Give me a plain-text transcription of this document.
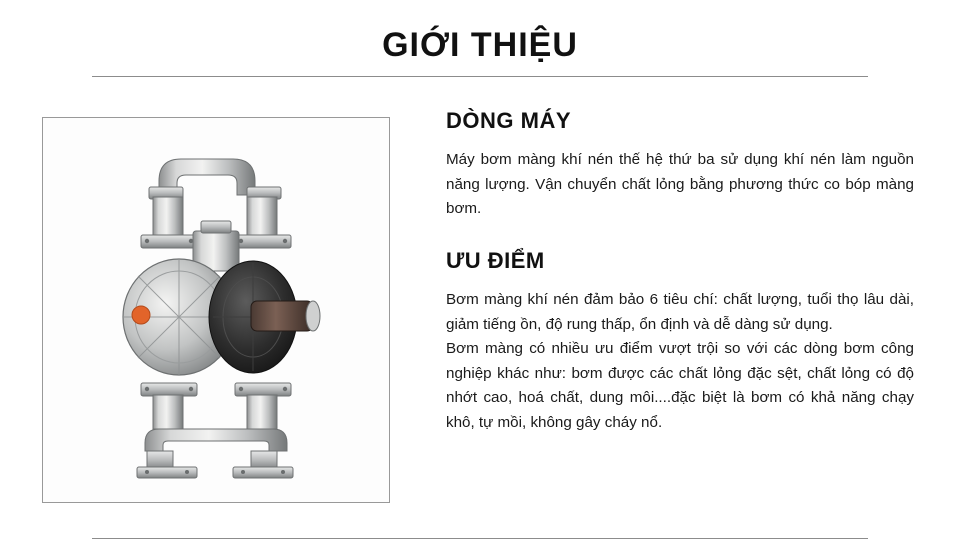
GIỚI THIỆU
DÒNG MÁY

Máy bơm màng khí nén thế hệ thứ ba sử dụng khí nén làm nguồn năng lượng. Vận chuyển chất lỏng bằng phương thức co bóp màng bơm.

ƯU ĐIỂM

Bơm màng khí nén đảm bảo 6 tiêu chí: chất lượng, tuổi thọ lâu dài, giảm tiếng ồn, độ rung thấp, ổn định và dễ dàng sử dụng.

Bơm màng có nhiều ưu điểm vượt trội so với các dòng bơm công nghiệp khác như: bơm được các chất lỏng đặc sệt, chất lỏng có độ nhớt cao, hoá chất, dung môi....đặc biệt là bơm có khả năng chạy khô, tự mồi, không gây cháy nổ.
